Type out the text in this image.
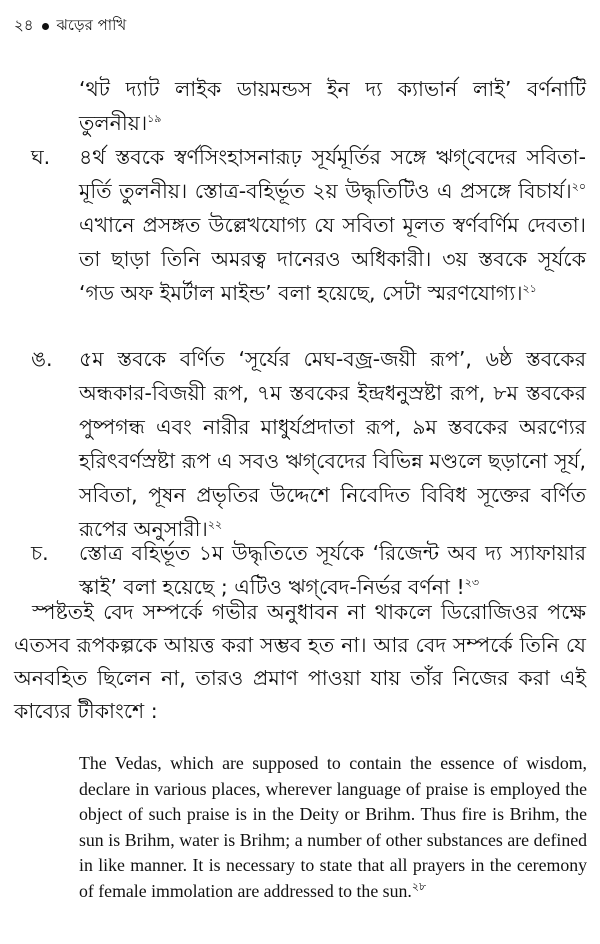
২৪ ঝড়ের পাখি
‘থট দ্যাট লাইক ডায়মন্ডস ইন দ্য ক্যাভার্ন লাই’ বর্ণনাটি তুলনীয়।$^{১৯}$
ঘ. ৪র্থ স্তবকে স্বর্ণসিংহাসনারূঢ় সূর্যমূর্তির সঙ্গে ঋগ্‌বেদের সবিতা-মূর্তি তুলনীয়। স্তোত্র-বহির্ভূত ২য় উদ্ধৃতিটিও এ প্রসঙ্গে বিচার্য।$^{২০}$ এখানে প্রসঙ্গত উল্লেখযোগ্য যে সবিতা মূলত স্বর্ণবর্ণিম দেবতা। তা ছাড়া তিনি অমরত্ব দানেরও অধিকারী। ৩য় স্তবকে সূর্যকে ‘গড অফ ইমর্টাল মাইন্ড’ বলা হয়েছে, সেটা স্মরণযোগ্য।$^{২১}$
ঙ. ৫ম স্তবকে বর্ণিত ‘সূর্যের মেঘ-বজ্র-জয়ী রূপ’, ৬ষ্ঠ স্তবকের অন্ধকার-বিজয়ী রূপ, ৭ম স্তবকের ইন্দ্রধনুস্রষ্টা রূপ, ৮ম স্তবকের পুষ্পগন্ধ এবং নারীর মাধুর্যপ্রদাতা রূপ, ৯ম স্তবকের অরণ্যের হরিৎবর্ণস্রষ্টা রূপ এ সবও ঋগ্‌বেদের বিভিন্ন মণ্ডলে ছড়ানো সূর্য, সবিতা, পূষন প্রভৃতির উদ্দেশে নিবেদিত বিবিধ সূক্তের বর্ণিত রূপের অনুসারী।$^{২২}$
চ. স্তোত্র বহির্ভূত ১ম উদ্ধৃতিতে সূর্যকে ‘রিজেন্ট অব দ্য স্যাফায়ার স্কাই’ বলা হয়েছে ; এটিও ঋগ্‌বেদ-নির্ভর বর্ণনা !$^{২৩}$
স্পষ্টতই বেদ সম্পর্কে গভীর অনুধাবন না থাকলে ডিরোজিওর পক্ষে এতসব রূপকল্পকে আয়ত্ত করা সম্ভব হত না। আর বেদ সম্পর্কে তিনি যে অনবহিত ছিলেন না, তারও প্রমাণ পাওয়া যায় তাঁর নিজের করা এই কাব্যের টীকাংশে :
The Vedas, which are supposed to contain the essence of wisdom, declare in various places, wherever language of praise is employed the object of such praise is in the Deity or Brihm. Thus fire is Brihm, the sun is Brihm, water is Brihm; a number of other substances are defined in like manner. It is necessary to state that all prayers in the ceremony of female immolation are addressed to the sun.$^{২৮}$
